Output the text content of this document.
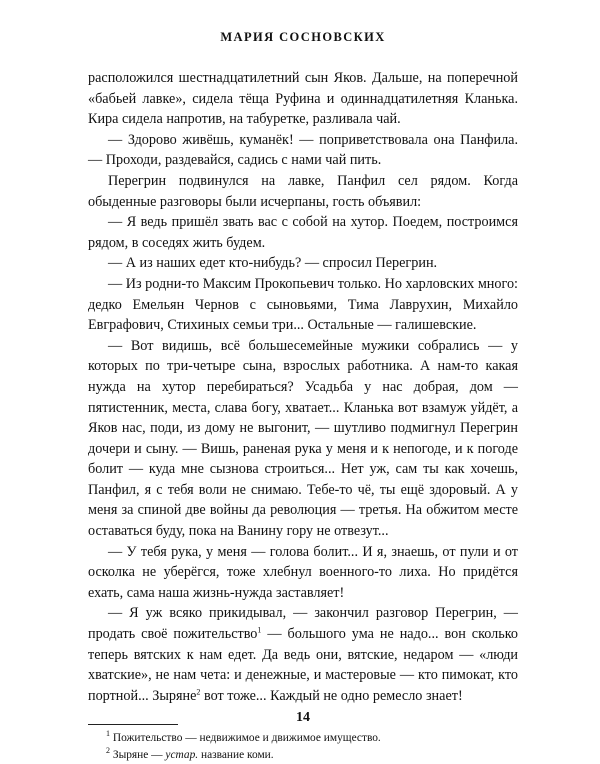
МАРИЯ СОСНОВСКИХ

расположился шестнадцатилетний сын Яков. Дальше, на поперечной «бабьей лавке», сидела тёща Руфина и одиннадцатилетняя Кланька. Кира сидела напротив, на табуретке, разливала чай.

— Здорово живёшь, куманёк! — поприветствовала она Панфила. — Проходи, раздевайся, садись с нами чай пить.

Перегрин подвинулся на лавке, Панфил сел рядом. Когда обыденные разговоры были исчерпаны, гость объявил:

— Я ведь пришёл звать вас с собой на хутор. Поедем, построимся рядом, в соседях жить будем.

— А из наших едет кто-нибудь? — спросил Перегрин.

— Из родни-то Максим Прокопьевич только. Но харловских много: дедко Емельян Чернов с сыновьями, Тима Лаврухин, Михайло Евграфович, Стихиных семьи три... Остальные — галишевские.

— Вот видишь, всё большесемейные мужики собрались — у которых по три-четыре сына, взрослых работника. А нам-то какая нужда на хутор перебираться? Усадьба у нас добрая, дом — пятистенник, места, слава богу, хватает... Кланька вот взамуж уйдёт, а Яков нас, поди, из дому не выгонит, — шутливо подмигнул Перегрин дочери и сыну. — Вишь, раненая рука у меня и к непогоде, и к погоде болит — куда мне сызнова строиться... Нет уж, сам ты как хочешь, Панфил, я с тебя воли не снимаю. Тебе-то чё, ты ещё здоровый. А у меня за спиной две войны да революция — третья. На обжитом месте оставаться буду, пока на Ванину гору не отвезут...

— У тебя рука, у меня — голова болит... И я, знаешь, от пули и от осколка не уберёгся, тоже хлебнул военного-то лиха. Но придётся ехать, сама наша жизнь-нужда заставляет!

— Я уж всяко прикидывал, — закончил разговор Перегрин, — продать своё пожительство$^1$ — большого ума не надо... вон сколько теперь вятских к нам едет. Да ведь они, вятские, недаром — «люди хватские», не нам чета: и денежные, и мастеровые — кто пимокат, кто портной... Зыряне$^2$ вот тоже... Каждый не одно ремесло знает!

$^1$ Пожительство — недвижимое и движимое имущество.

$^2$ Зыряне — устар. название коми.

14
